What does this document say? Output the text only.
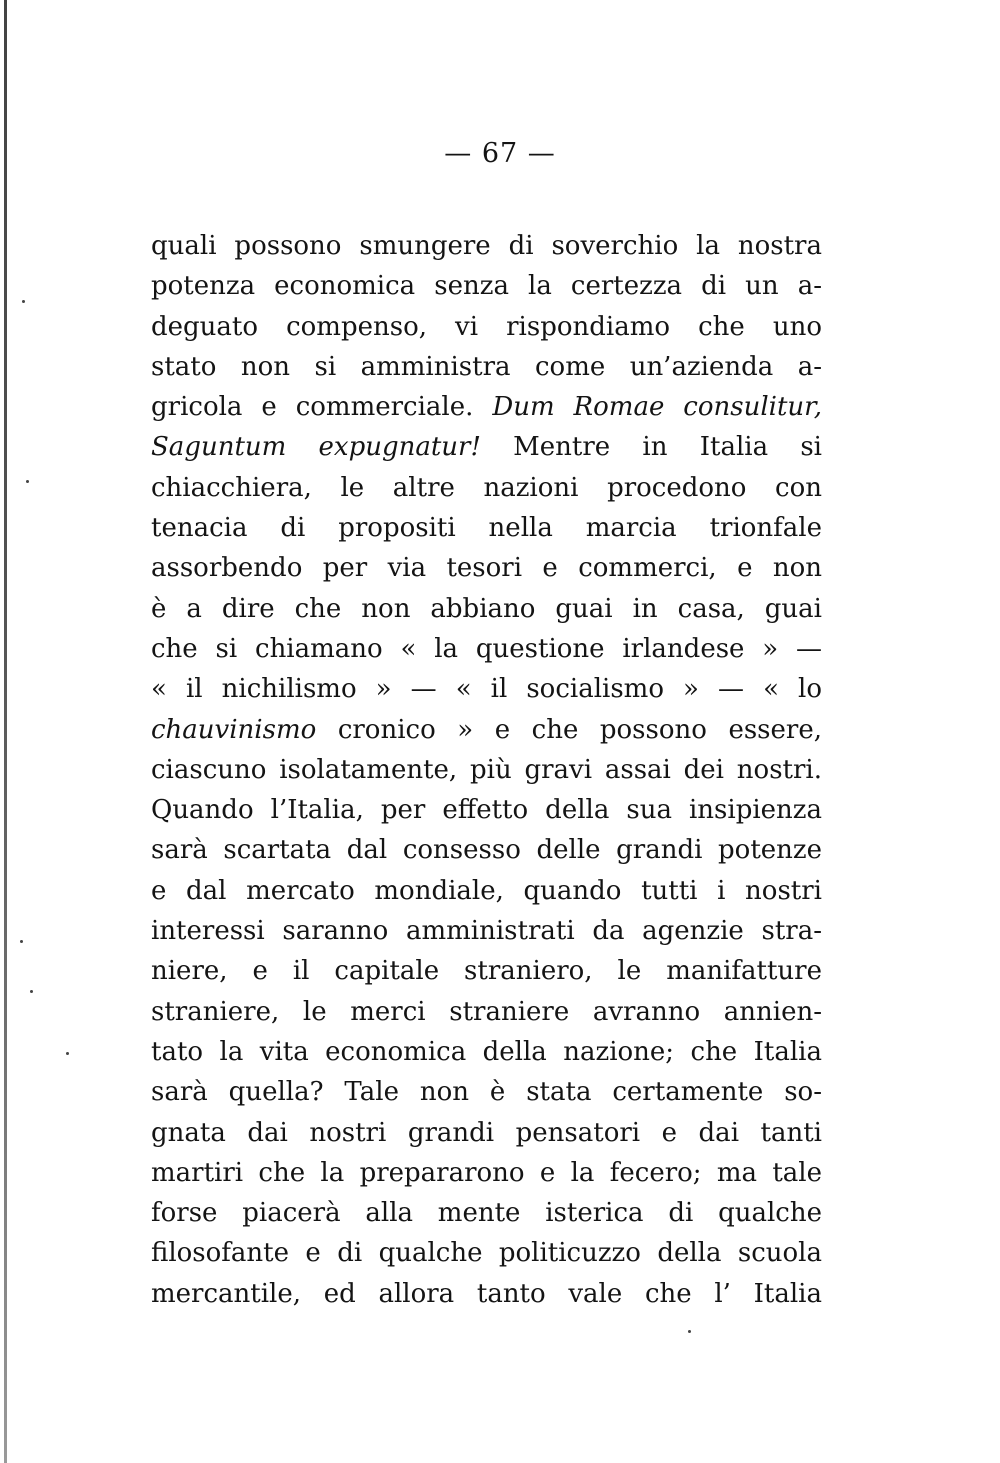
— 67 —
quali possono smungere di soverchio la nostra
potenza economica senza la certezza di un a-
deguato compenso, vi rispondiamo che uno
stato non si amministra come un’azienda a-
gricola e commerciale. Dum Romae consulitur,
Saguntum expugnatur! Mentre in Italia si
chiacchiera, le altre nazioni procedono con
tenacia di propositi nella marcia trionfale
assorbendo per via tesori e commerci, e non
è a dire che non abbiano guai in casa, guai
che si chiamano « la questione irlandese » —
« il nichilismo » — « il socialismo » — « lo
chauvinismo cronico » e che possono essere,
ciascuno isolatamente, più gravi assai dei nostri.
Quando l’Italia, per effetto della sua insipienza
sarà scartata dal consesso delle grandi potenze
e dal mercato mondiale, quando tutti i nostri
interessi saranno amministrati da agenzie stra-
niere, e il capitale straniero, le manifatture
straniere, le merci straniere avranno annien-
tato la vita economica della nazione; che Italia
sarà quella? Tale non è stata certamente so-
gnata dai nostri grandi pensatori e dai tanti
martiri che la prepararono e la fecero; ma tale
forse piacerà alla mente isterica di qualche
filosofante e di qualche politicuzzo della scuola
mercantile, ed allora tanto vale che l’ Italia
